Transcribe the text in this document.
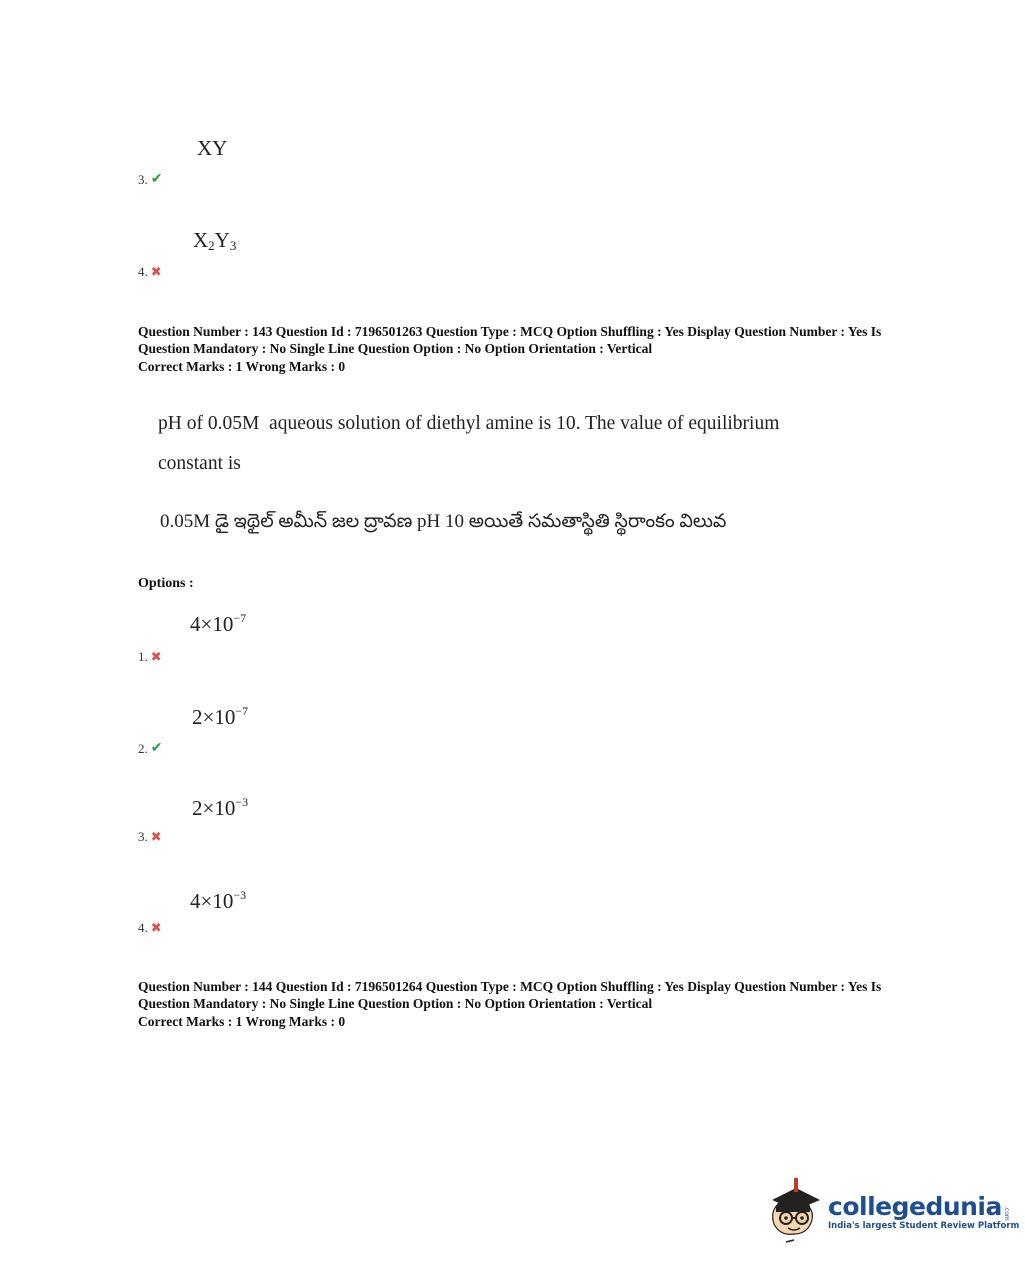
XY
3. ✔
$X_2Y_3$
4. ✖
Question Number : 143 Question Id : 7196501263 Question Type : MCQ Option Shuffling : Yes Display Question Number : Yes Is
Question Mandatory : No Single Line Question Option : No Option Orientation : Vertical
Correct Marks : 1 Wrong Marks : 0
pH of 0.05M  aqueous solution of diethyl amine is 10. The value of equilibrium
constant is
0.05M డై ఇథైల్ అమీన్ జల ద్రావణ pH 10 అయితే సమతాస్థితి స్థిరాంకం విలువ
Options :
$4\times 10^{-7}$
1. ✖
$2\times 10^{-7}$
2. ✔
$2\times 10^{-3}$
3. ✖
$4\times 10^{-3}$
4. ✖
Question Number : 144 Question Id : 7196501264 Question Type : MCQ Option Shuffling : Yes Display Question Number : Yes Is
Question Mandatory : No Single Line Question Option : No Option Orientation : Vertical
Correct Marks : 1 Wrong Marks : 0
collegedunia .com
India's largest Student Review Platform
